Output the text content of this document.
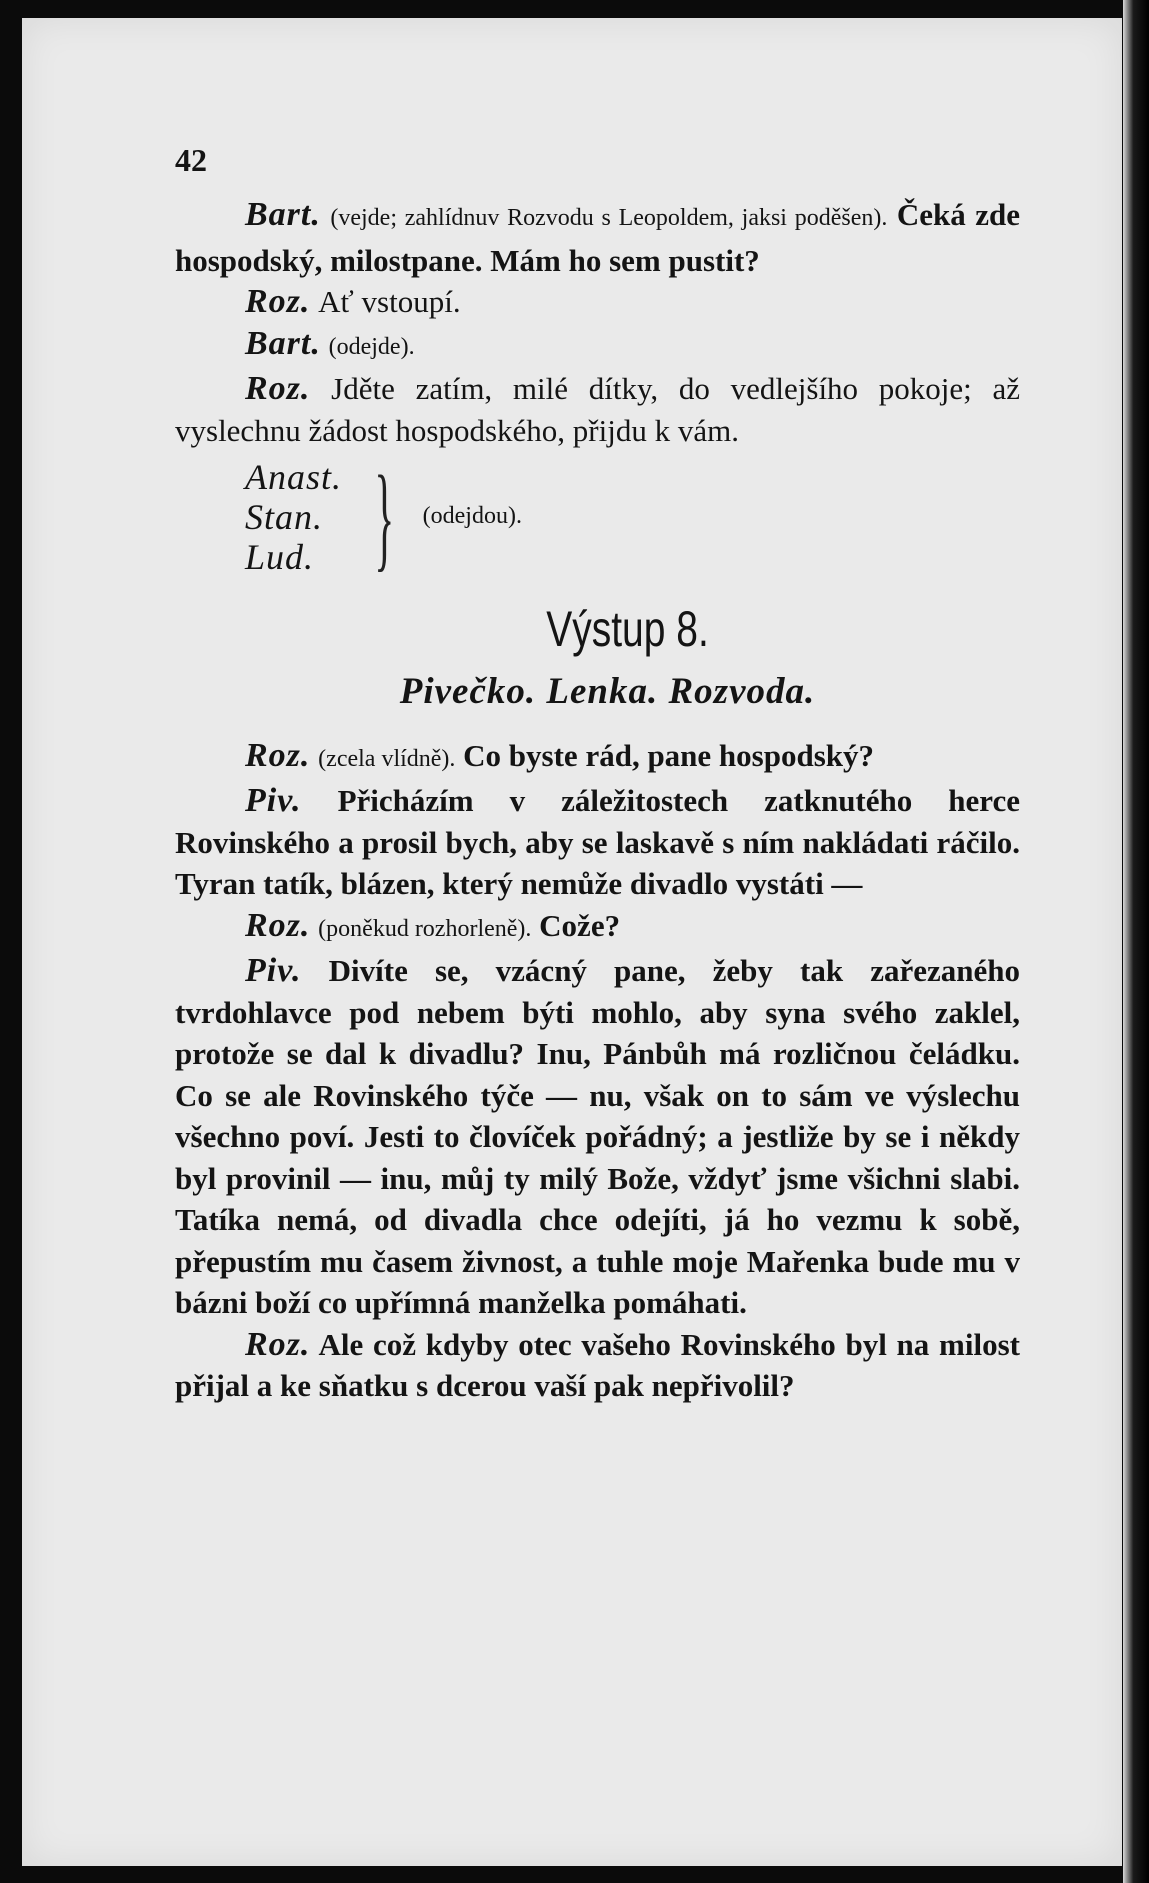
42

Bart. (vejde; zahlídnuv Rozvodu s Leopoldem, jaksi poděšen). Čeká zde hospodský, milostpane. Mám ho sem pustit?

Roz. Ať vstoupí.

Bart. (odejde).

Roz. Jděte zatím, milé dítky, do vedlejšího pokoje; až vyslechnu žádost hospodského, přijdu k vám.

Anast.
Stan.
Lud. } (odejdou).
Výstup 8.
Pivečko. Lenka. Rozvoda.

Roz. (zcela vlídně). Co byste rád, pane hospodský?

Piv. Přicházím v záležitostech zatknutého herce Rovinského a prosil bych, aby se laskavě s ním nakládati ráčilo. Tyran tatík, blázen, který nemůže divadlo vystáti —

Roz. (poněkud rozhorleně). Cože?

Piv. Divíte se, vzácný pane, žeby tak zařezaného tvrdohlavce pod nebem býti mohlo, aby syna svého zaklel, protože se dal k divadlu? Inu, Pánbůh má rozličnou čeládku. Co se ale Rovinského týče — nu, však on to sám ve výslechu všechno poví. Jesti to človíček pořádný; a jestliže by se i někdy byl provinil — inu, můj ty milý Bože, vždyť jsme všichni slabi. Tatíka nemá, od divadla chce odejíti, já ho vezmu k sobě, přepustím mu časem živnost, a tuhle moje Mařenka bude mu v bázni boží co upřímná manželka pomáhati.

Roz. Ale což kdyby otec vašeho Rovinského byl na milost přijal a ke sňatku s dcerou vaší pak nepřivolil?
